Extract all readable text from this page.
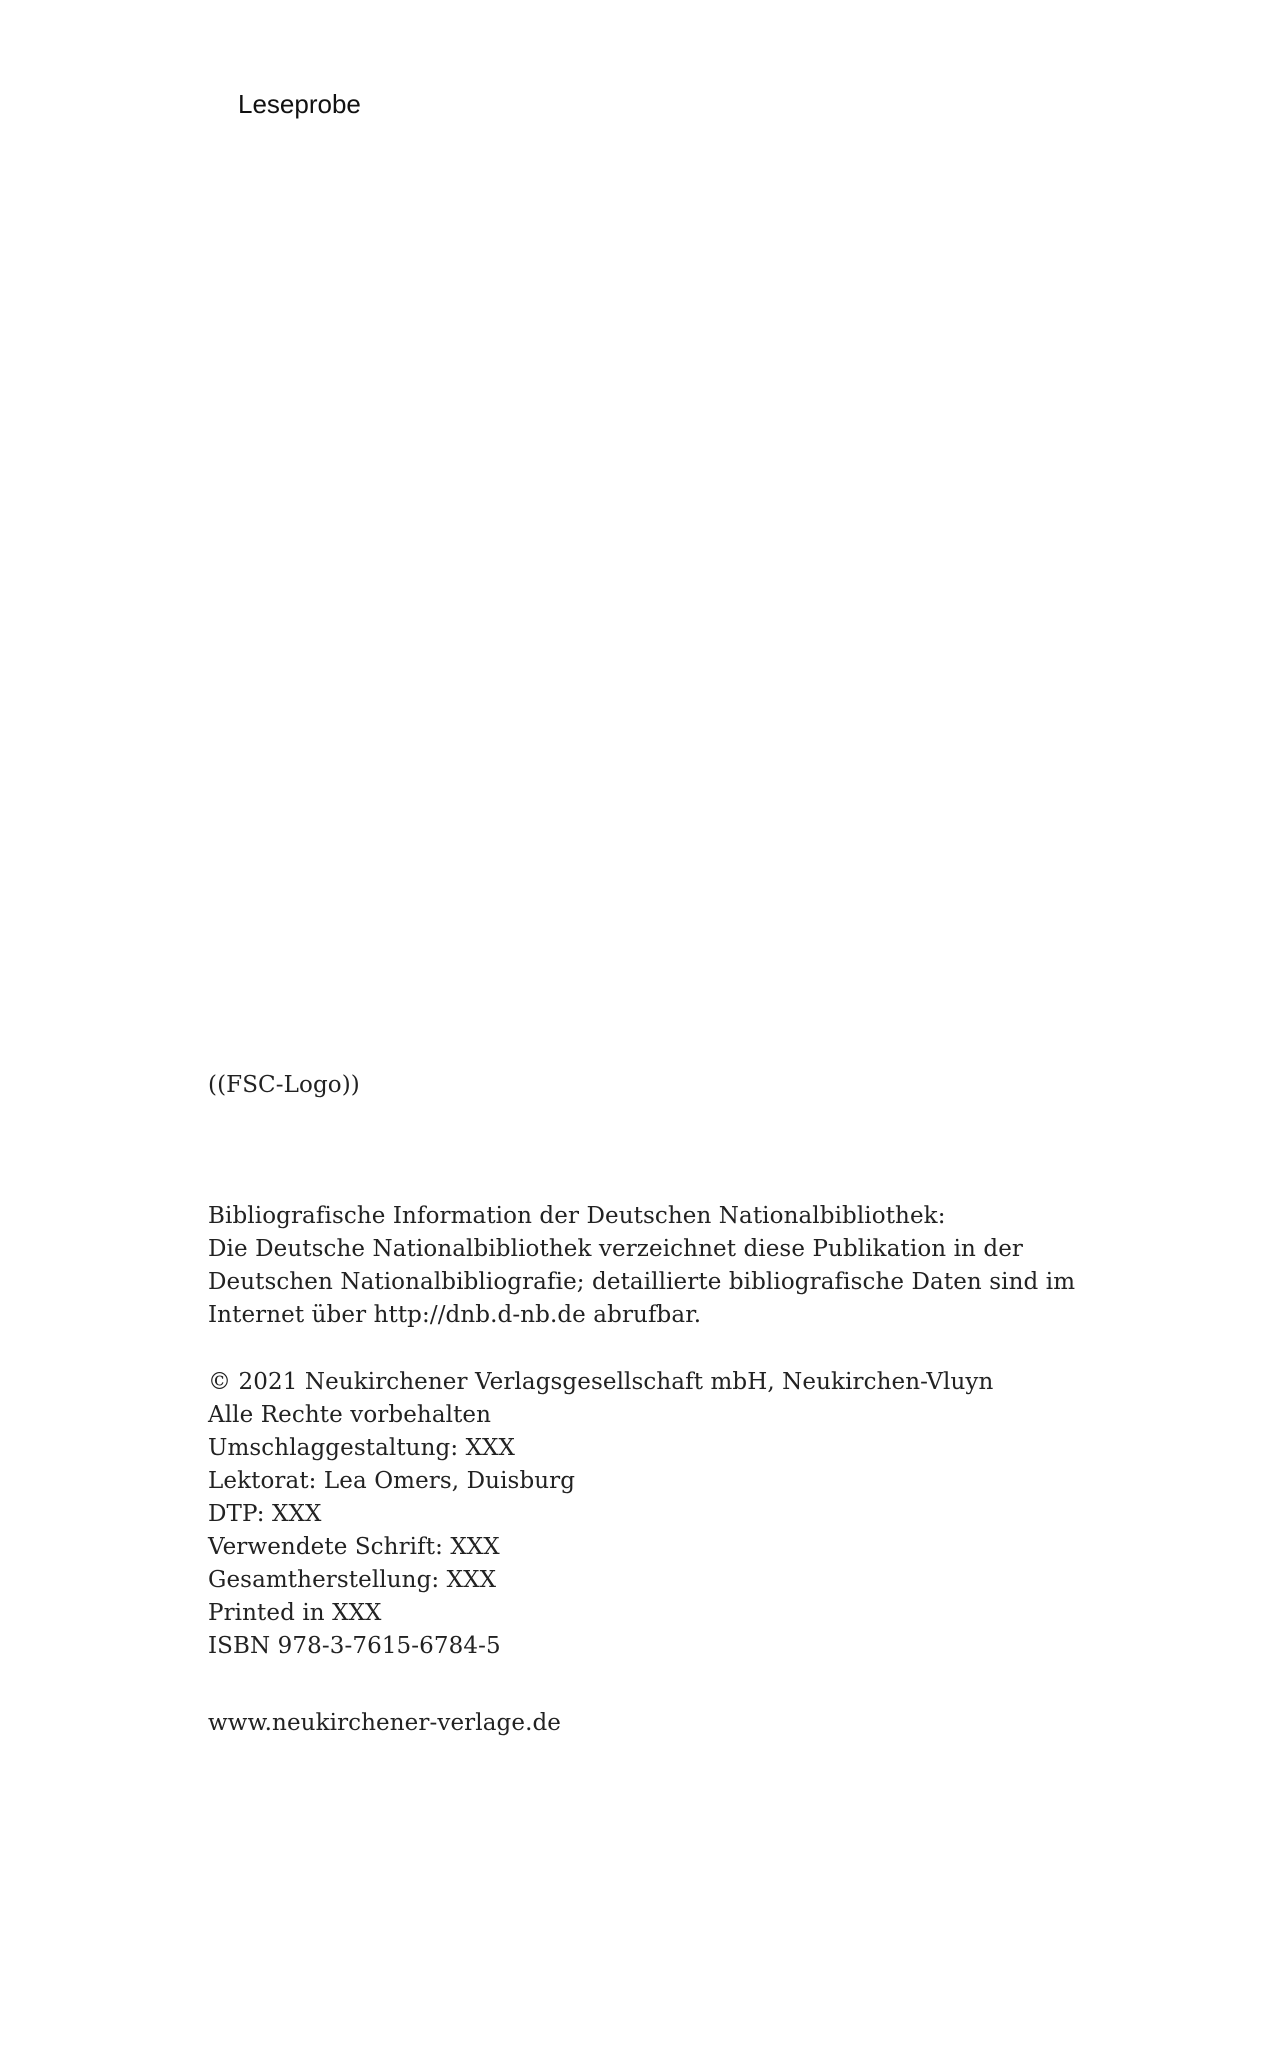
Leseprobe
((FSC-Logo))
Bibliografische Information der Deutschen Nationalbibliothek:
Die Deutsche Nationalbibliothek verzeichnet diese Publikation in der
Deutschen Nationalbibliografie; detaillierte bibliografische Daten sind im
Internet über http://dnb.d-nb.de abrufbar.
© 2021 Neukirchener Verlagsgesellschaft mbH, Neukirchen-Vluyn
Alle Rechte vorbehalten
Umschlaggestaltung: XXX
Lektorat: Lea Omers, Duisburg
DTP: XXX
Verwendete Schrift: XXX
Gesamtherstellung: XXX
Printed in XXX
ISBN 978-3-7615-6784-5
www.neukirchener-verlage.de
